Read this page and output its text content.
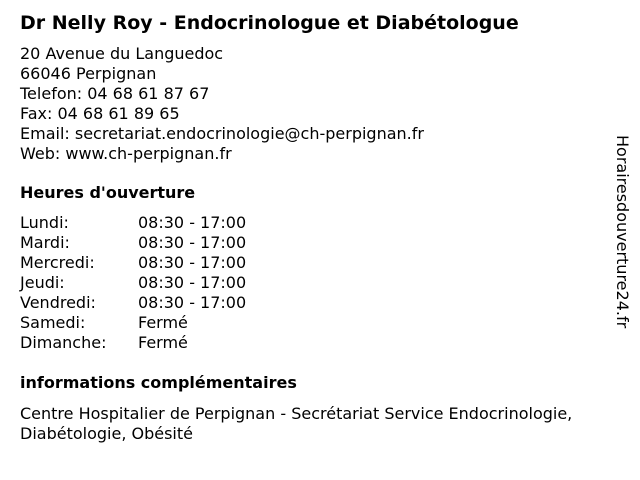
Dr Nelly Roy - Endocrinologue et Diabétologue
20 Avenue du Languedoc
66046 Perpignan
Telefon: 04 68 61 87 67
Fax: 04 68 61 89 65
Email: secretariat.endocrinologie@ch-perpignan.fr
Web: www.ch-perpignan.fr
Heures d'ouverture
Lundi:	08:30 - 17:00
Mardi:	08:30 - 17:00
Mercredi:	08:30 - 17:00
Jeudi:	08:30 - 17:00
Vendredi:	08:30 - 17:00
Samedi:	Fermé
Dimanche:	Fermé
informations complémentaires
Centre Hospitalier de Perpignan - Secrétariat Service Endocrinologie, Diabétologie, Obésité
Horairesdouverture24.fr
